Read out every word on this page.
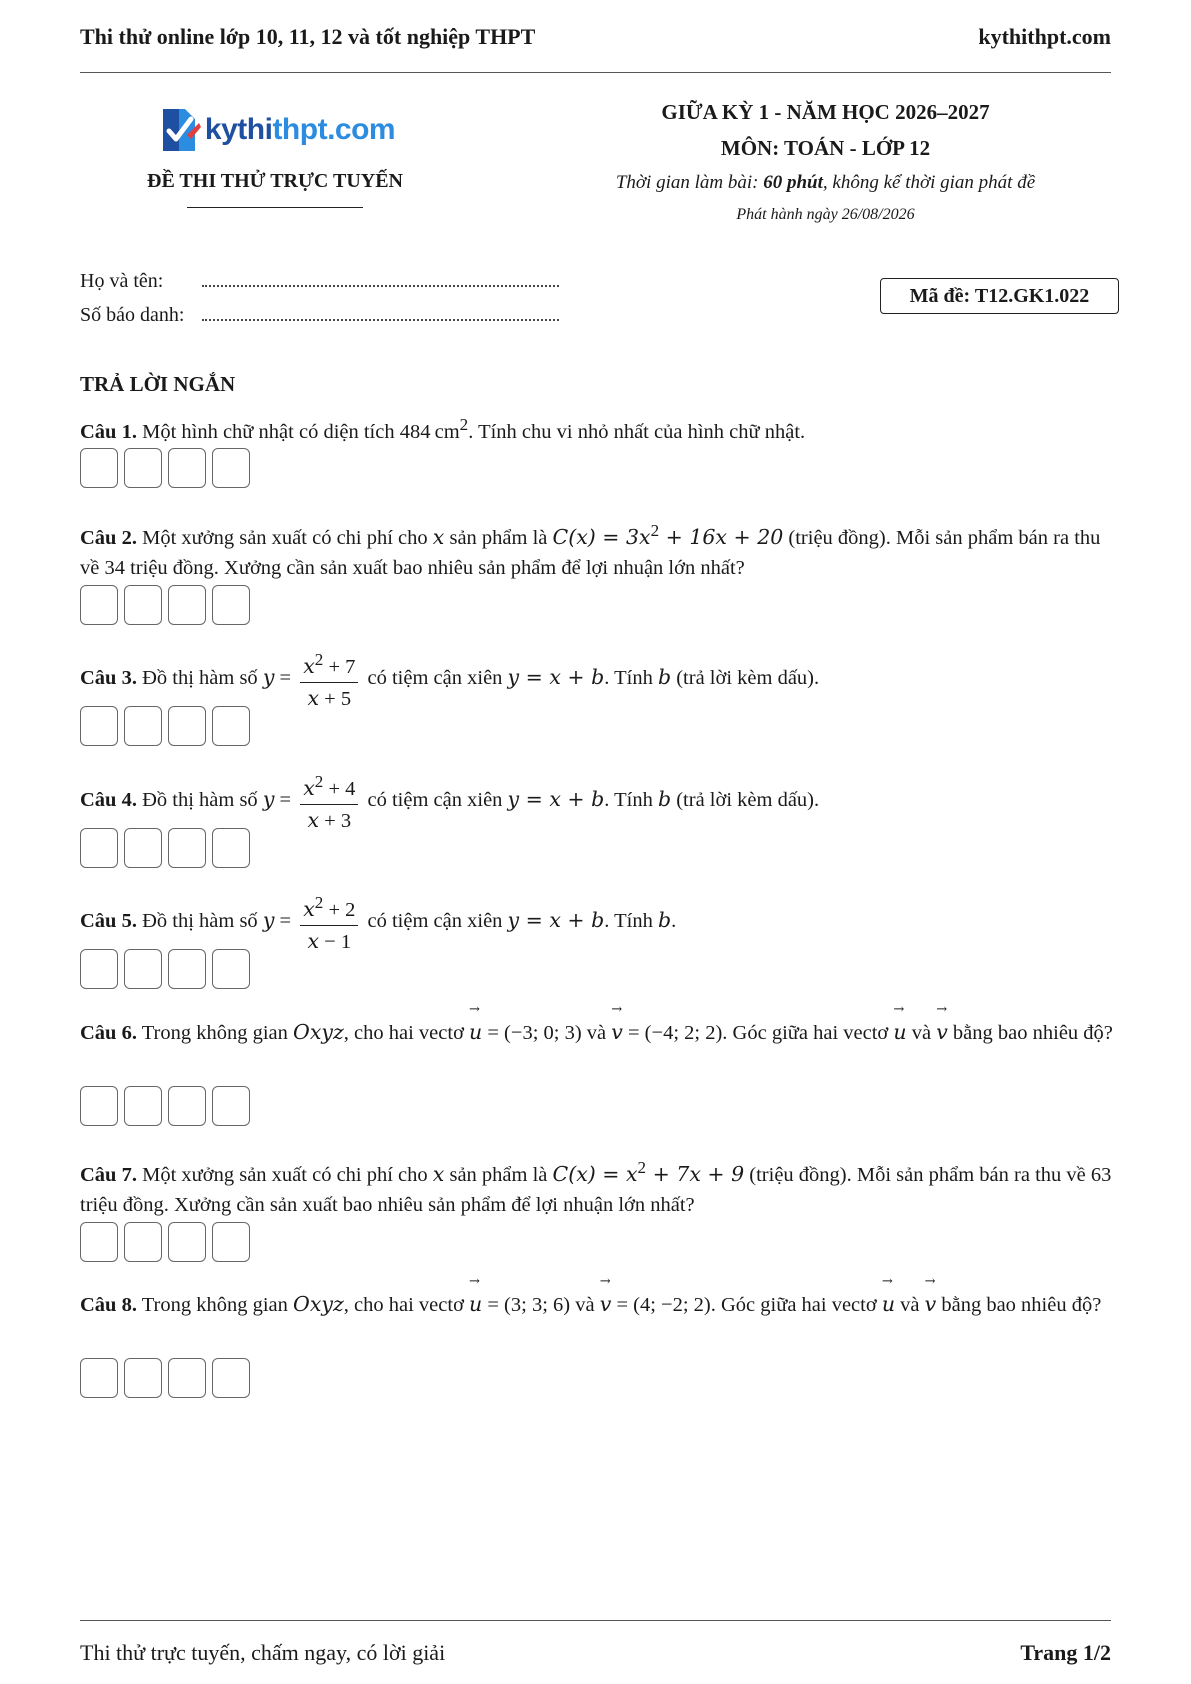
Thi thử online lớp 10, 11, 12 và tốt nghiệp THPT	kythithpt.com
kythithpt.com
ĐỀ THI THỬ TRỰC TUYẾN
GIỮA KỲ 1 - NĂM HỌC 2026–2027
MÔN: TOÁN - LỚP 12
Thời gian làm bài: 60 phút, không kể thời gian phát đề
Phát hành ngày 26/08/2026
Họ và tên:
Số báo danh:
Mã đề: T12.GK1.022
TRẢ LỜI NGẮN
Câu 1. Một hình chữ nhật có diện tích 484  $cm^2$. Tính chu vi nhỏ nhất của hình chữ nhật.
Câu 2. Một xưởng sản xuất có chi phí cho x sản phẩm là $C(x) = 3x^2 + 16x + 20$ (triệu đồng). Mỗi sản phẩm bán ra thu về 34 triệu đồng. Xưởng cần sản xuất bao nhiêu sản phẩm để lợi nhuận lớn nhất?
Câu 3. Đồ thị hàm số $y = \frac{x^2 + 7}{x + 5}$ có tiệm cận xiên y = x + b. Tính b (trả lời kèm dấu).
Câu 4. Đồ thị hàm số $y = \frac{x^2 + 4}{x + 3}$ có tiệm cận xiên y = x + b. Tính b (trả lời kèm dấu).
Câu 5. Đồ thị hàm số $y = \frac{x^2 + 2}{x - 1}$ có tiệm cận xiên y = x + b. Tính b.
Câu 6. Trong không gian Oxyz, cho hai vectơ u
→
= (−3; 0; 3) và v
→
= (−4; 2; 2). Góc giữa hai vectơ u
→
và v
→
bằng bao nhiêu độ?
Câu 7. Một xưởng sản xuất có chi phí cho x sản phẩm là $C(x) = x^2 + 7x + 9$ (triệu đồng). Mỗi sản phẩm bán ra thu về 63 triệu đồng. Xưởng cần sản xuất bao nhiêu sản phẩm để lợi nhuận lớn nhất?
Câu 8. Trong không gian Oxyz, cho hai vectơ u
→
= (3; 3; 6) và v
→
= (4; −2; 2). Góc giữa hai vectơ u
→
và v
→
bằng bao nhiêu độ?
Thi thử trực tuyến, chấm ngay, có lời giải	Trang 1/2
